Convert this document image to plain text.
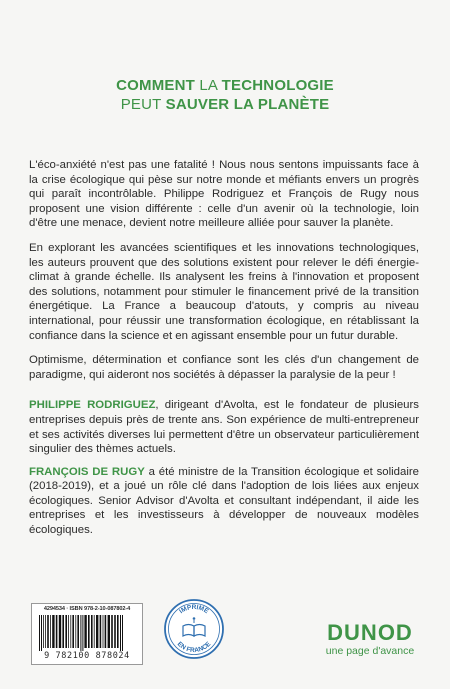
COMMENT LA TECHNOLOGIE
PEUT SAUVER LA PLANÈTE

L'éco-anxiété n'est pas une fatalité ! Nous nous sentons impuissants face à la crise écologique qui pèse sur notre monde et méfiants envers un progrès qui paraît incontrôlable. Philippe Rodriguez et François de Rugy nous proposent une vision différente : celle d'un avenir où la technologie, loin d'être une menace, devient notre meilleure alliée pour sauver la planète.

En explorant les avancées scientifiques et les innovations technologiques, les auteurs prouvent que des solutions existent pour relever le défi énergie-climat à grande échelle. Ils analysent les freins à l'innovation et proposent des solutions, notamment pour stimuler le financement privé de la transition énergétique. La France a beaucoup d'atouts, y compris au niveau international, pour réussir une transformation écologique, en rétablissant la confiance dans la science et en agissant ensemble pour un futur durable.

Optimisme, détermination et confiance sont les clés d'un changement de paradigme, qui aideront nos sociétés à dépasser la paralysie de la peur !

PHILIPPE RODRIGUEZ, dirigeant d'Avolta, est le fondateur de plusieurs entreprises depuis près de trente ans. Son expérience de multi-entrepreneur et ses activités diverses lui permettent d'être un observateur particulièrement singulier des thèmes actuels.

FRANÇOIS DE RUGY a été ministre de la Transition écologique et solidaire (2018-2019), et a joué un rôle clé dans l'adoption de lois liées aux enjeux écologiques. Senior Advisor d'Avolta et consultant indépendant, il aide les entreprises et les investisseurs à développer de nouveaux modèles écologiques.

4294534 · ISBN 978-2-10-087802-4
9 782100 878024
IMPRIMÉ
EN FRANCE	DUNOD
une page d'avance
